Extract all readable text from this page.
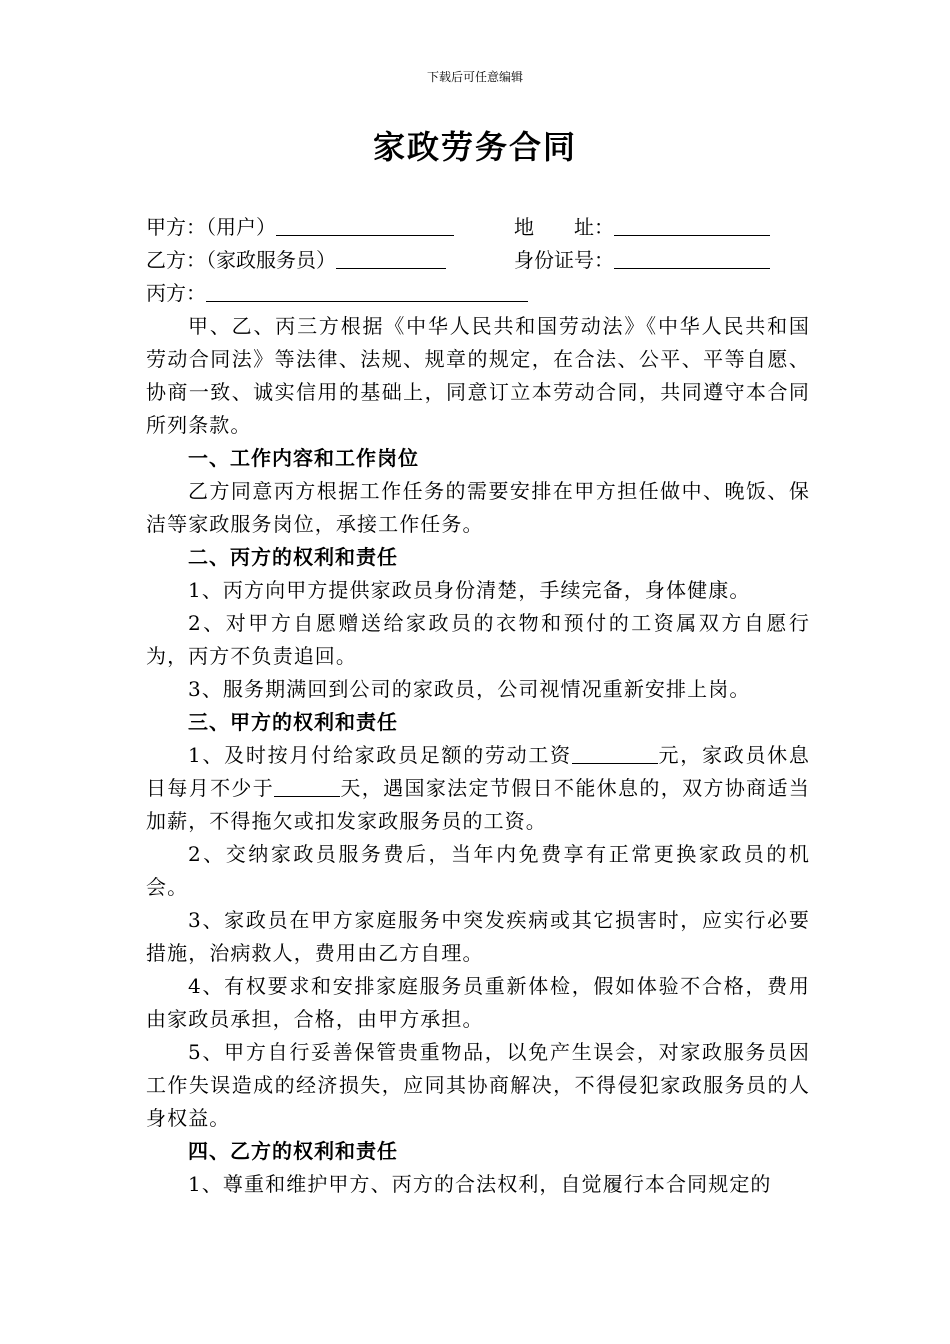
下载后可任意编辑
家政劳务合同
甲方：（用户）	地　　址：
乙方：（家政服务员）	身份证号：
丙方：

甲、乙、丙三方根据《中华人民共和国劳动法》《中华人民共和国劳动合同法》等法律、法规、规章的规定，在合法、公平、平等自愿、协商一致、诚实信用的基础上，同意订立本劳动合同，共同遵守本合同所列条款。

一、工作内容和工作岗位

乙方同意丙方根据工作任务的需要安排在甲方担任做中、晚饭、保洁等家政服务岗位，承接工作任务。

二、丙方的权利和责任

1、丙方向甲方提供家政员身份清楚，手续完备，身体健康。

2、对甲方自愿赠送给家政员的衣物和预付的工资属双方自愿行为，丙方不负责追回。

3、服务期满回到公司的家政员，公司视情况重新安排上岗。

三、甲方的权利和责任

1、及时按月付给家政员足额的劳动工资	元，家政员休息日每月不少于	天，遇国家法定节假日不能休息的，双方协商适当加薪，不得拖欠或扣发家政服务员的工资。

2、交纳家政员服务费后，当年内免费享有正常更换家政员的机会。

3、家政员在甲方家庭服务中突发疾病或其它损害时，应实行必要措施，治病救人，费用由乙方自理。

4、有权要求和安排家庭服务员重新体检，假如体验不合格，费用由家政员承担，合格，由甲方承担。

5、甲方自行妥善保管贵重物品，以免产生误会，对家政服务员因工作失误造成的经济损失，应同其协商解决，不得侵犯家政服务员的人身权益。

四、乙方的权利和责任

1、尊重和维护甲方、丙方的合法权利，自觉履行本合同规定的
